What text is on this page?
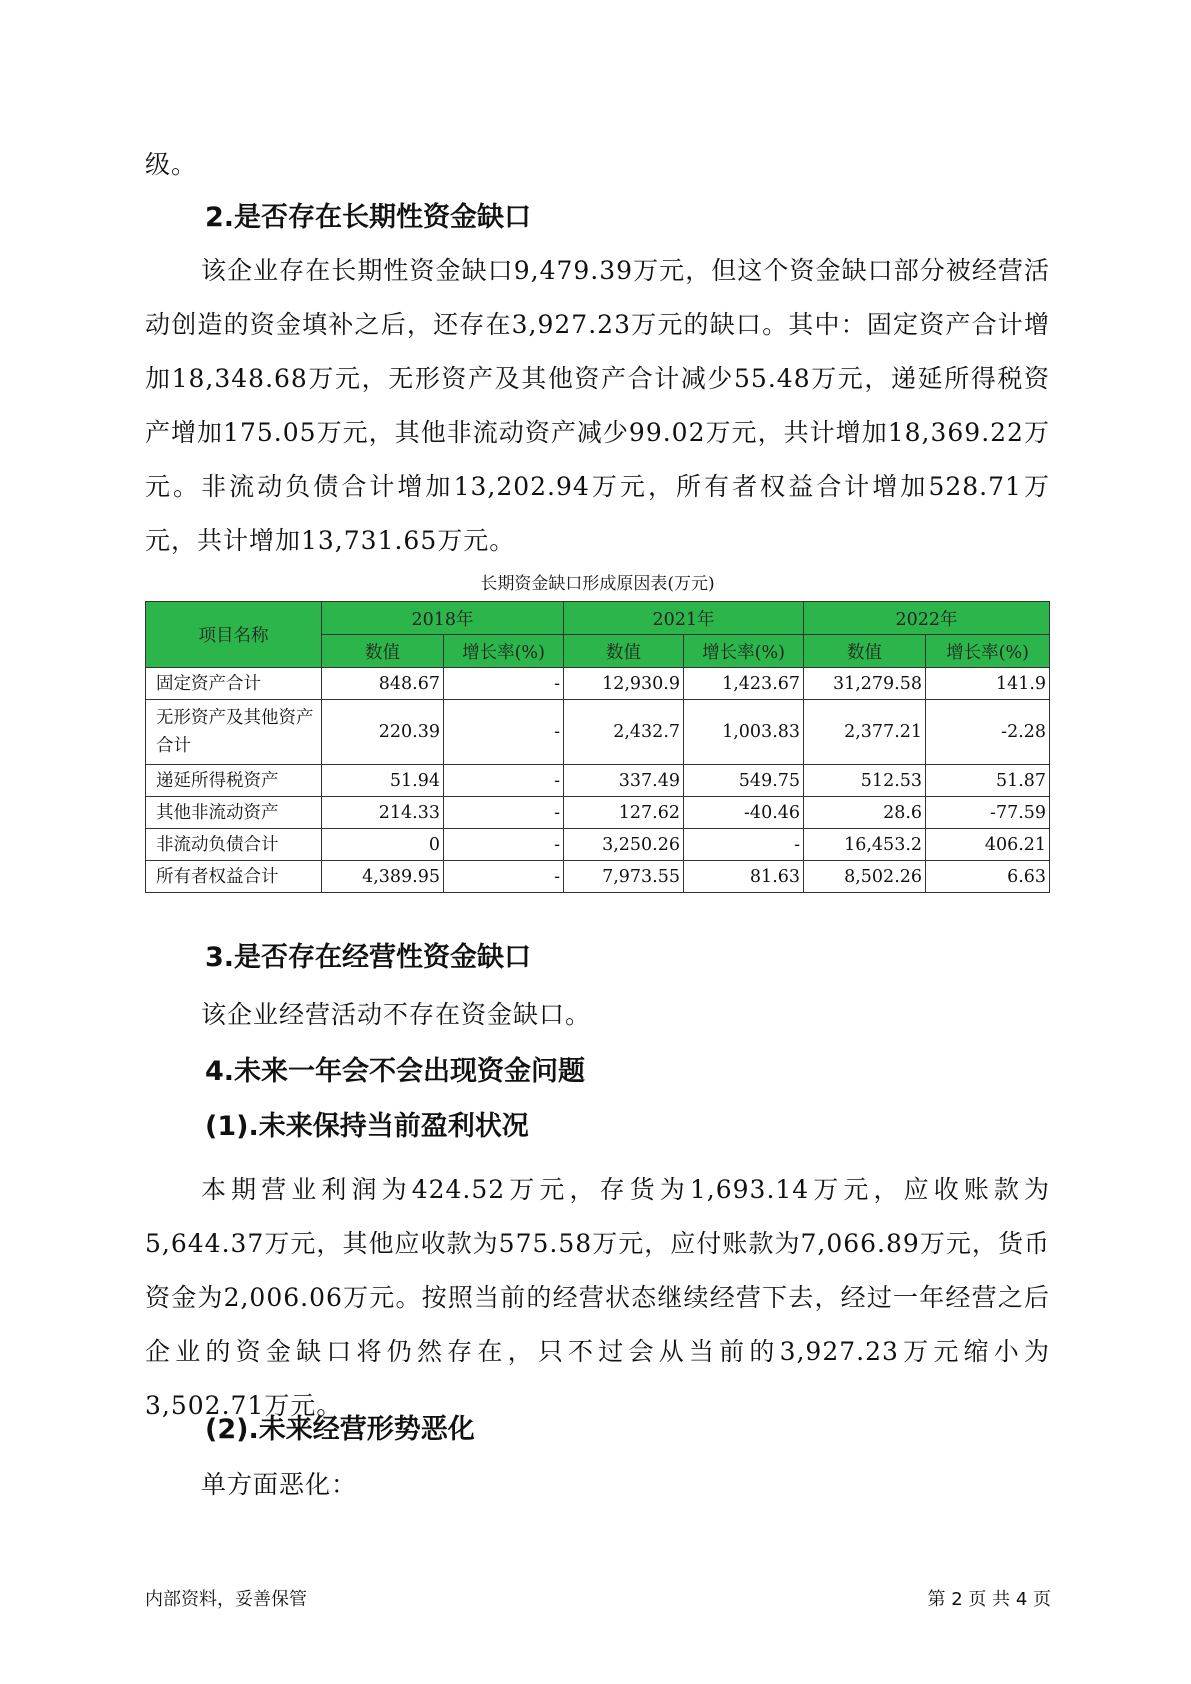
级。

2.是否存在长期性资金缺口

该企业存在长期性资金缺口9,479.39万元，但这个资金缺口部分被经营活动创造的资金填补之后，还存在3,927.23万元的缺口。其中：固定资产合计增加18,348.68万元，无形资产及其他资产合计减少55.48万元，递延所得税资产增加175.05万元，其他非流动资产减少99.02万元，共计增加18,369.22万元。非流动负债合计增加13,202.94万元，所有者权益合计增加528.71万元，共计增加13,731.65万元。

长期资金缺口形成原因表(万元)
项目名称	2018年		2021年		2022年	
	数值	增长率(%)	数值	增长率(%)	数值	增长率(%)
固定资产合计	848.67	-	12,930.9	1,423.67	31,279.58	141.9
无形资产及其他资产合计	220.39	-	2,432.7	1,003.83	2,377.21	-2.28
递延所得税资产	51.94	-	337.49	549.75	512.53	51.87
其他非流动资产	214.33	-	127.62	-40.46	28.6	-77.59
非流动负债合计	0	-	3,250.26	-	16,453.2	406.21
所有者权益合计	4,389.95	-	7,973.55	81.63	8,502.26	6.63
3.是否存在经营性资金缺口

该企业经营活动不存在资金缺口。

4.未来一年会不会出现资金问题
(1).未来保持当前盈利状况

本期营业利润为424.52万元，存货为1,693.14万元，应收账款为5,644.37万元，其他应收款为575.58万元，应付账款为7,066.89万元，货币资金为2,006.06万元。按照当前的经营状态继续经营下去，经过一年经营之后企业的资金缺口将仍然存在，只不过会从当前的3,927.23万元缩小为3,502.71万元。

(2).未来经营形势恶化

单方面恶化：

内部资料，妥善保管	第 2 页 共 4 页
